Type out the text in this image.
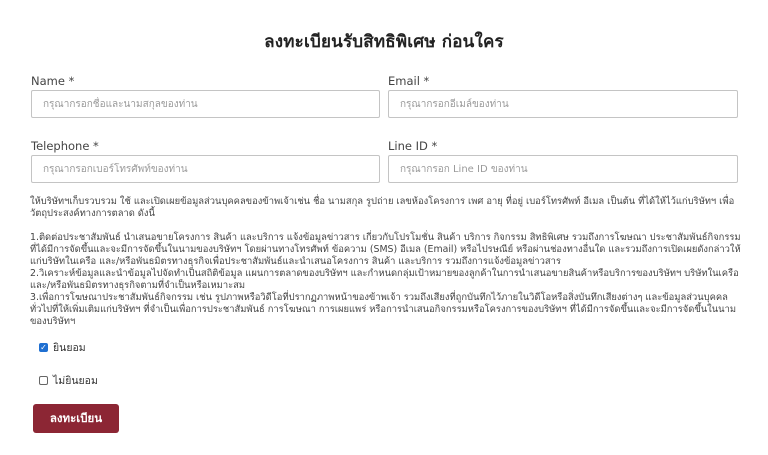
ลงทะเบียนรับสิทธิพิเศษ ก่อนใคร
Name *
กรุณากรอกชื่อและนามสกุลของท่าน	Email *
กรุณากรอกอีเมล์ของท่าน
Telephone *
กรุณากรอกเบอร์โทรศัพท์ของท่าน	Line ID *
กรุณากรอก Line ID ของท่าน
ให้บริษัทฯเก็บรวบรวม ใช้ และเปิดเผยข้อมูลส่วนบุคคลของข้าพเจ้าเช่น ชื่อ นามสกุล รูปถ่าย เลขห้องโครงการ เพศ อายุ ที่อยู่ เบอร์โทรศัพท์ อีเมล เป็นต้น ที่ได้ให้ไว้แก่บริษัทฯ เพื่อวัตถุประสงค์ทางการตลาด ดังนี้

1.ติดต่อประชาสัมพันธ์ นำเสนอขายโครงการ สินค้า และบริการ แจ้งข้อมูลข่าวสาร เกี่ยวกับโปรโมชั่น สินค้า บริการ กิจกรรม สิทธิพิเศษ รวมถึงการโฆษณา ประชาสัมพันธ์กิจกรรมที่ได้มีการจัดขึ้นและจะมีการจัดขึ้นในนามของบริษัทฯ โดยผ่านทางโทรศัพท์ ข้อความ (SMS) อีเมล (Email) หรือไปรษณีย์ หรือผ่านช่องทางอื่นใด และรวมถึงการเปิดเผยดังกล่าวให้แก่บริษัทในเครือ และ/หรือพันธมิตรทางธุรกิจเพื่อประชาสัมพันธ์และนำเสนอโครงการ สินค้า และบริการ รวมถึงการแจ้งข้อมูลข่าวสาร
2.วิเคราะห์ข้อมูลและนำข้อมูลไปจัดทำเป็นสถิติข้อมูล แผนการตลาดของบริษัทฯ และกำหนดกลุ่มเป้าหมายของลูกค้าในการนำเสนอขายสินค้าหรือบริการของบริษัทฯ บริษัทในเครือ และ/หรือพันธมิตรทางธุรกิจตามที่จำเป็นหรือเหมาะสม
3.เพื่อการโฆษณาประชาสัมพันธ์กิจกรรม เช่น รูปภาพหรือวิดีโอที่ปรากฏภาพหน้าของข้าพเจ้า รวมถึงเสียงที่ถูกบันทึกไว้ภายในวิดีโอหรือสิ่งบันทึกเสียงต่างๆ และข้อมูลส่วนบุคคลทั่วไปที่ให้เพิ่มเติมแก่บริษัทฯ ที่จำเป็นเพื่อการประชาสัมพันธ์ การโฆษณา การเผยแพร่ หรือการนำเสนอกิจกรรมหรือโครงการของบริษัทฯ ที่ได้มีการจัดขึ้นและจะมีการจัดขึ้นในนามของบริษัทฯ
✓
ยินยอม
ไม่ยินยอม
ลงทะเบียน
